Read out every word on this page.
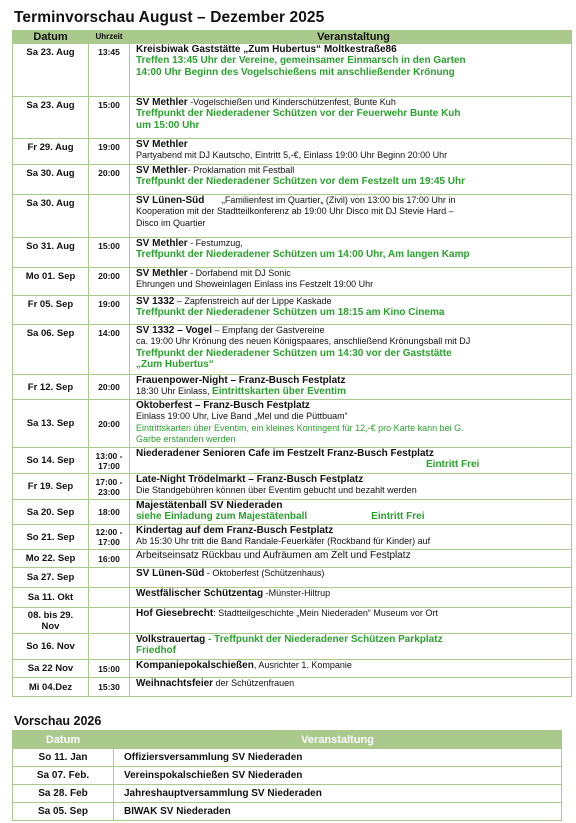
Terminvorschau August – Dezember 2025
Datum	Uhrzeit	Veranstaltung
Sa 23. Aug	13:45	Kreisbiwak Gaststätte „Zum Hubertus“ Moltkestraße86
Treffen 13:45 Uhr der Vereine, gemeinsamer Einmarsch in den Garten
14:00 Uhr Beginn des Vogelschießens mit anschließender Krönung

Sa 23. Aug	15:00	SV Methler -Vogelschießen und Kinderschützenfest, Bunte Kuh
Treffpunkt der Niederadener Schützen vor der Feuerwehr Bunte Kuh
um 15:00 Uhr

Fr 29. Aug	19:00	SV Methler
Partyabend mit DJ Kautscho, Eintritt 5,-€, Einlass 19:00 Uhr Beginn 20:00 Uhr

Sa 30. Aug	20:00	SV Methler- Proklamation mit Festball
Treffpunkt der Niederadener Schützen vor dem Festzelt um 19:45 Uhr

Sa 30. Aug		SV Lünen-Süd       „Familienfest im Quartier„ (Zivil) von 13:00 bis 17:00 Uhr in
Kooperation mit der Stadtteilkonferenz ab 19:00 Uhr Disco mit DJ Stevie Hard –
Disco im Quartier

So 31. Aug	15:00	SV Methler - Festumzug,
Treffpunkt der Niederadener Schützen um 14:00 Uhr, Am langen Kamp

Mo 01. Sep	20:00	SV Methler - Dorfabend mit DJ Sonic
Ehrungen und Showeinlagen Einlass ins Festzelt 19:00 Uhr

Fr 05. Sep	19:00	SV 1332 – Zapfenstreich auf der Lippe Kaskade
Treffpunkt der Niederadener Schützen um 18:15 am Kino Cinema

Sa 06. Sep	14:00	SV 1332 – Vogel – Empfang der Gastvereine
ca. 19:00 Uhr Krönung des neuen Königspaares, anschließend Krönungsball mit DJ
Treffpunkt der Niederadener Schützen um 14:30 vor der Gaststätte
„Zum Hubertus“

Fr 12. Sep	20:00	Frauenpower-Night – Franz-Busch Festplatz
18:30 Uhr Einlass, Eintrittskarten über Eventim

Sa 13. Sep	20:00	Oktoberfest – Franz-Busch Festplatz
Einlass 19:00 Uhr, Live Band „Mel und die Püttbuam“
Eintrittskarten über Eventim, ein kleines Kontingent für 12,-€ pro Karte kann bei G.
Garbe erstanden werden

So 14. Sep	13:00 -
17:00	Niederadener Senioren Cafe im Festzelt Franz-Busch Festplatz
Eintritt Frei

Fr 19. Sep	17:00 -
23:00	Late-Night Trödelmarkt – Franz-Busch Festplatz
Die Standgebühren können über Eventim gebucht und bezahlt werden

Sa 20. Sep	18:00	Majestätenball SV Niederaden
siehe Einladung zum Majestätenball Eintritt Frei

So 21. Sep	12:00 -
17:00	Kindertag auf dem Franz-Busch Festplatz
Ab 15:30 Uhr tritt die Band Randale-Feuerkäfer (Rockband für Kinder) auf

Mo 22. Sep	16:00	Arbeitseinsatz Rückbau und Aufräumen am Zelt und Festplatz

Sa 27. Sep		SV Lünen-Süd - Oktoberfest (Schützenhaus)

Sa 11. Okt		Westfälischer Schützentag -Münster-Hiltrup

08. bis 29.
Nov		Hof Giesebrecht: Stadtteilgeschichte „Mein Niederaden“ Museum vor Ort

So 16. Nov		Volkstrauertag - Treffpunkt der Niederadener Schützen Parkplatz
Friedhof

Sa 22 Nov	15:00	Kompaniepokalschießen, Ausrichter 1. Kompanie

Mi 04.Dez	15:30	Weihnachtsfeier der Schützenfrauen
Vorschau 2026
Datum	Veranstaltung
So 11. Jan	Offiziersversammlung SV Niederaden
Sa 07. Feb.	Vereinspokalschießen SV Niederaden
Sa 28. Feb	Jahreshauptversammlung SV Niederaden
Sa 05. Sep	BIWAK SV Niederaden
